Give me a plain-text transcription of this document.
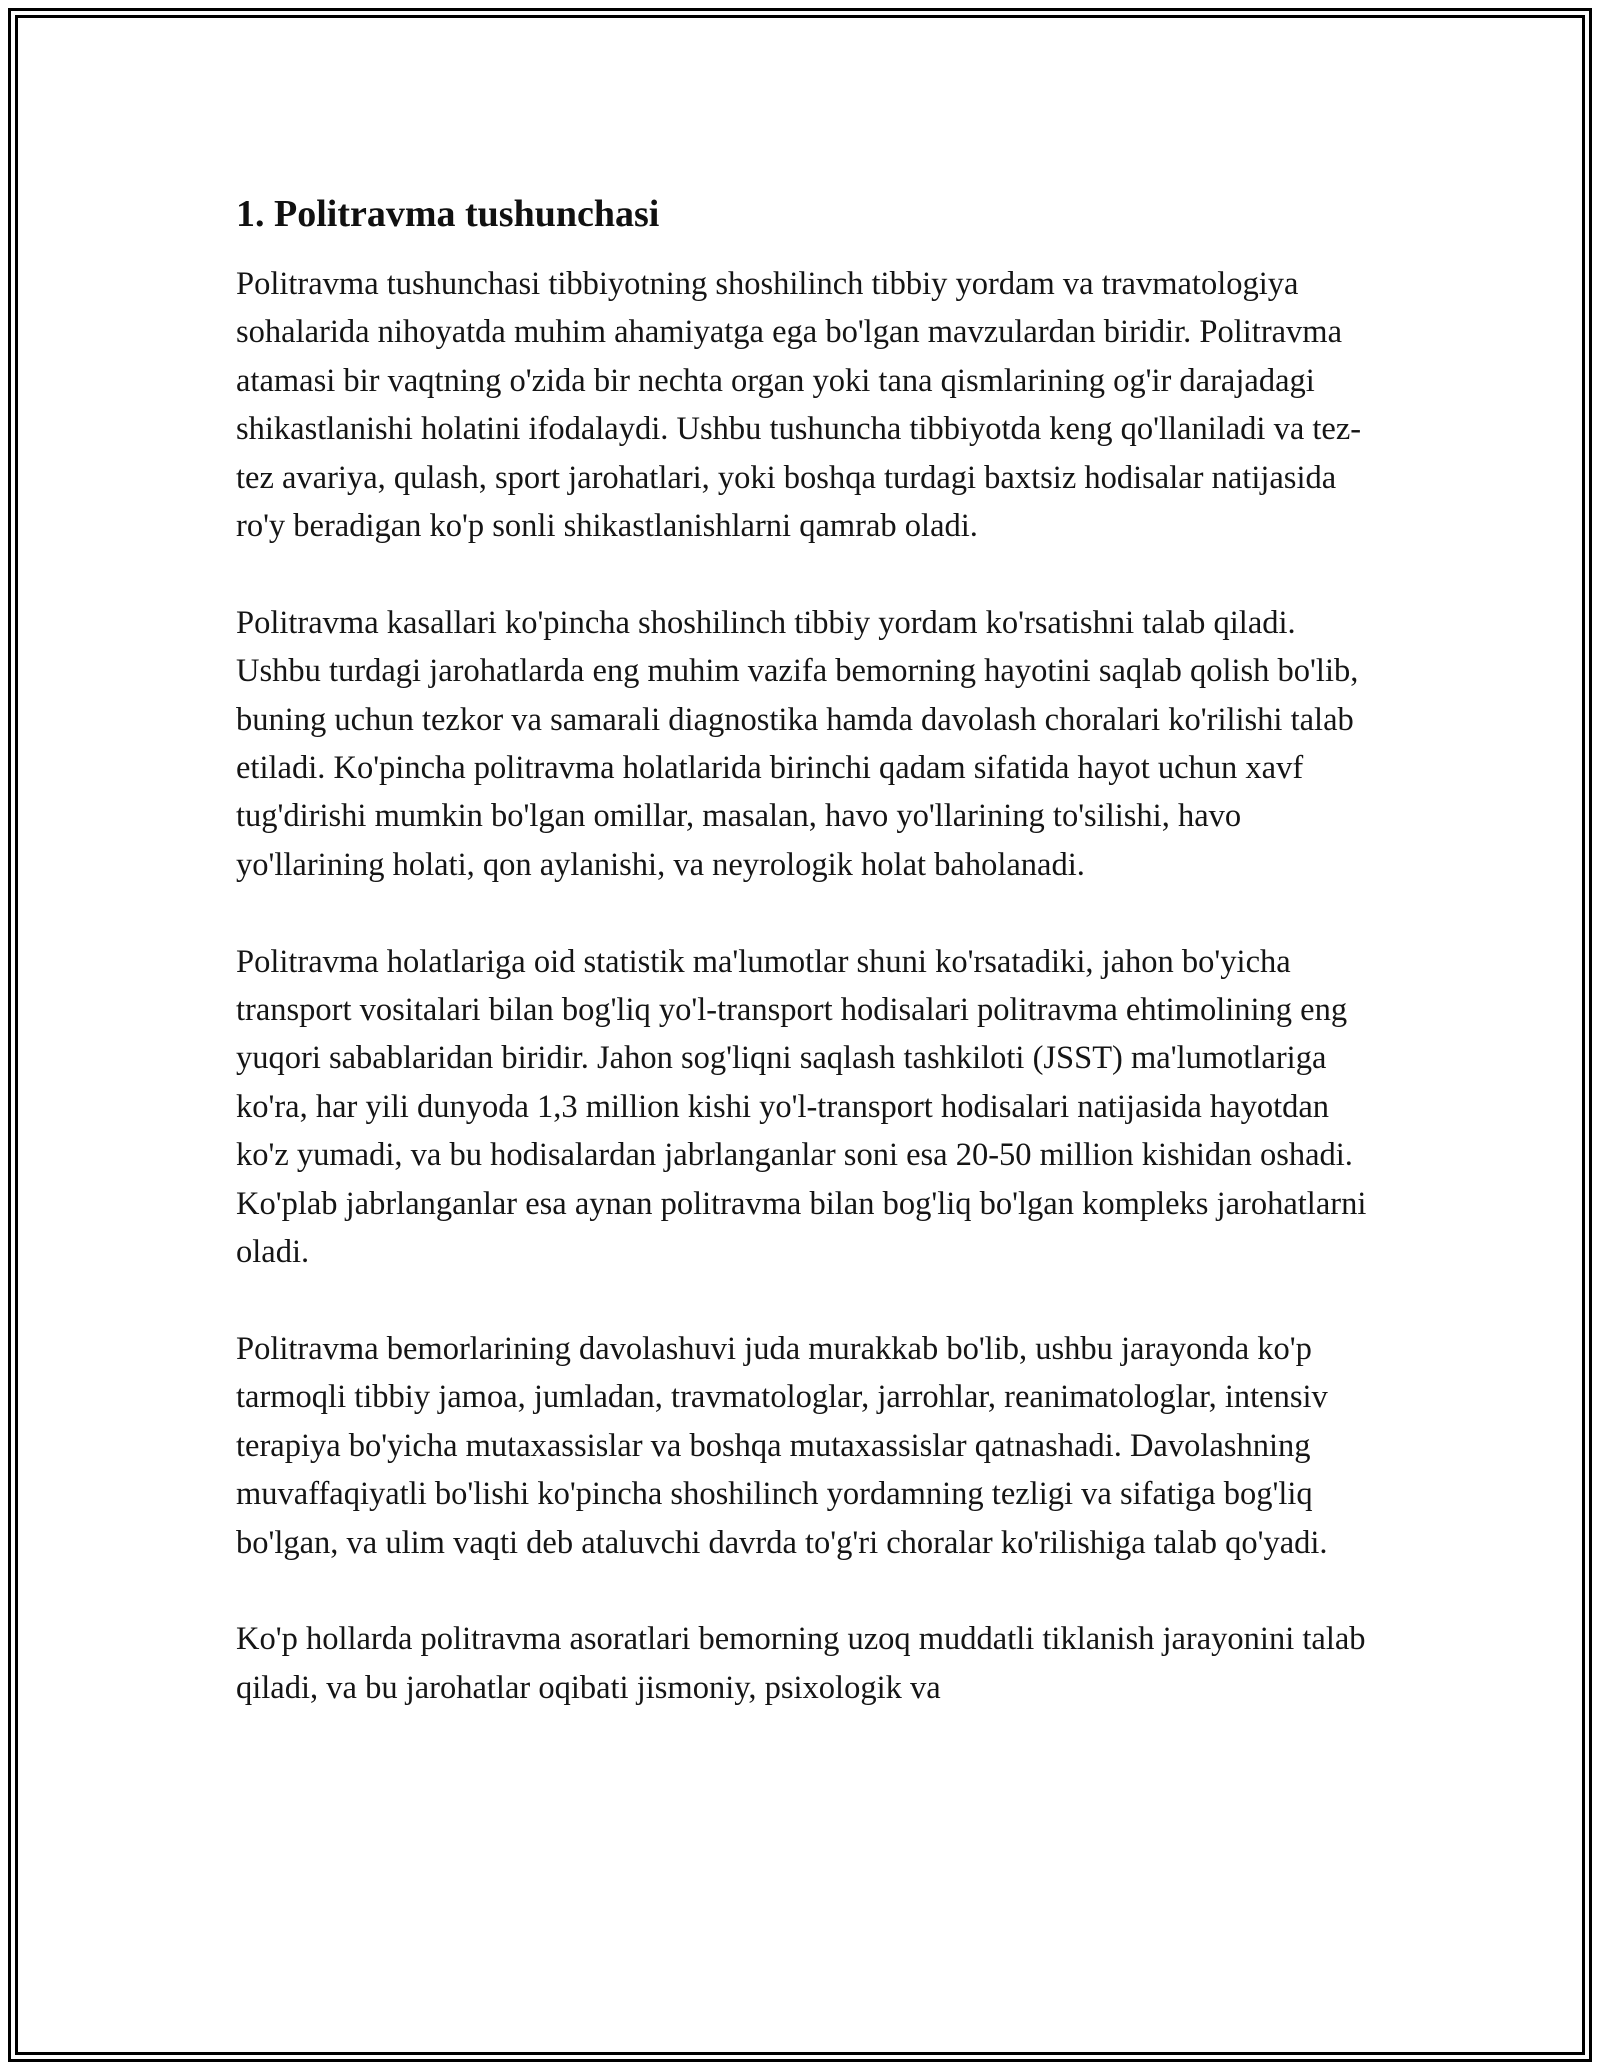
1. Politravma tushunchasi

Politravma tushunchasi tibbiyotning shoshilinch tibbiy yordam va travmatologiya sohalarida nihoyatda muhim ahamiyatga ega bo'lgan mavzulardan biridir. Politravma atamasi bir vaqtning o'zida bir nechta organ yoki tana qismlarining og'ir darajadagi shikastlanishi holatini ifodalaydi. Ushbu tushuncha tibbiyotda keng qo'llaniladi va tez-tez avariya, qulash, sport jarohatlari, yoki boshqa turdagi baxtsiz hodisalar natijasida ro'y beradigan ko'p sonli shikastlanishlarni qamrab oladi.

Politravma kasallari ko'pincha shoshilinch tibbiy yordam ko'rsatishni talab qiladi. Ushbu turdagi jarohatlarda eng muhim vazifa bemorning hayotini saqlab qolish bo'lib, buning uchun tezkor va samarali diagnostika hamda davolash choralari ko'rilishi talab etiladi. Ko'pincha politravma holatlarida birinchi qadam sifatida hayot uchun xavf tug'dirishi mumkin bo'lgan omillar, masalan, havo yo'llarining to'silishi, havo yo'llarining holati, qon aylanishi, va neyrologik holat baholanadi.

Politravma holatlariga oid statistik ma'lumotlar shuni ko'rsatadiki, jahon bo'yicha transport vositalari bilan bog'liq yo'l-transport hodisalari politravma ehtimolining eng yuqori sabablaridan biridir. Jahon sog'liqni saqlash tashkiloti (JSST) ma'lumotlariga ko'ra, har yili dunyoda 1,3 million kishi yo'l-transport hodisalari natijasida hayotdan ko'z yumadi, va bu hodisalardan jabrlanganlar soni esa 20-50 million kishidan oshadi. Ko'plab jabrlanganlar esa aynan politravma bilan bog'liq bo'lgan kompleks jarohatlarni oladi.

Politravma bemorlarining davolashuvi juda murakkab bo'lib, ushbu jarayonda ko'p tarmoqli tibbiy jamoa, jumladan, travmatologlar, jarrohlar, reanimatologlar, intensiv terapiya bo'yicha mutaxassislar va boshqa mutaxassislar qatnashadi. Davolashning muvaffaqiyatli bo'lishi ko'pincha shoshilinch yordamning tezligi va sifatiga bog'liq bo'lgan, va ulim vaqti deb ataluvchi davrda to'g'ri choralar ko'rilishiga talab qo'yadi.

Ko'p hollarda politravma asoratlari bemorning uzoq muddatli tiklanish jarayonini talab qiladi, va bu jarohatlar oqibati jismoniy, psixologik va
